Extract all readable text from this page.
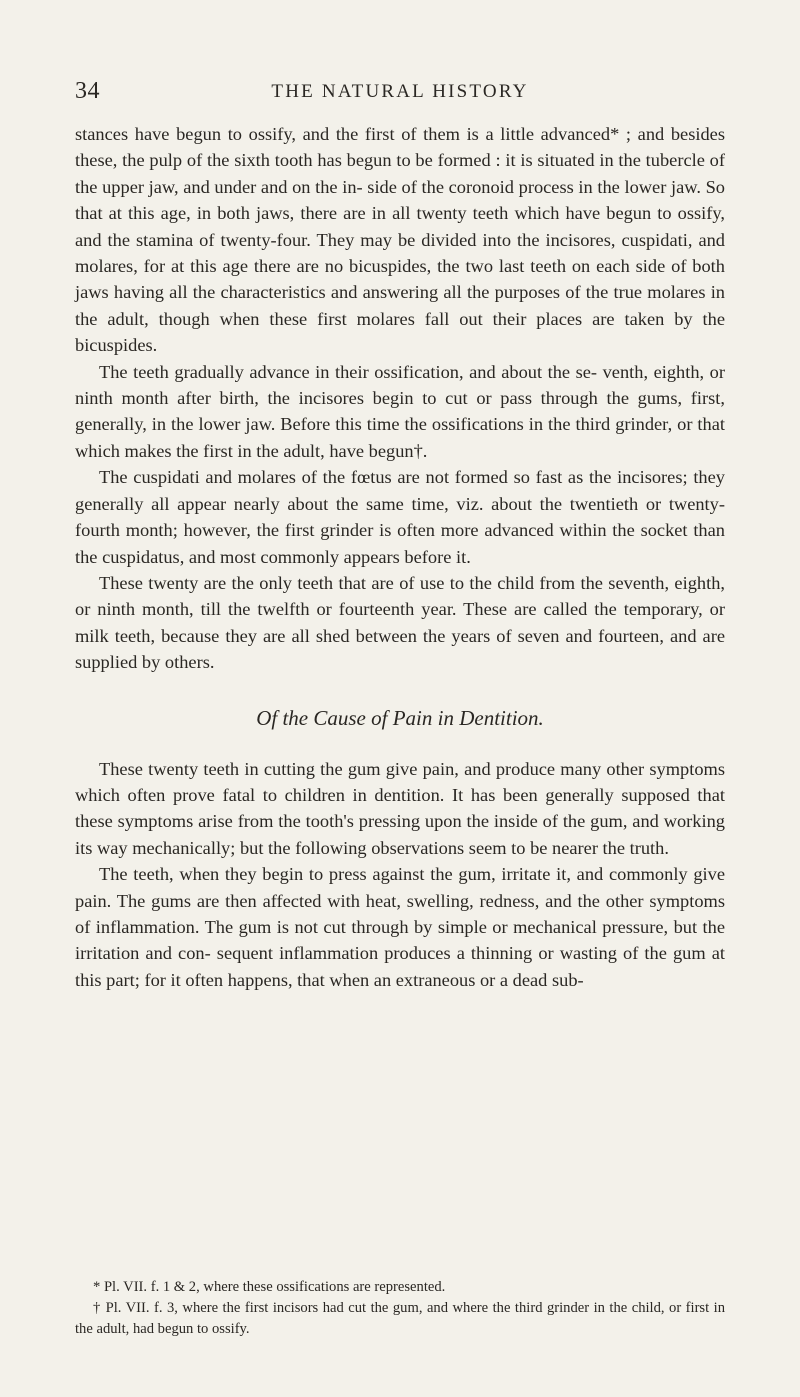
34	THE NATURAL HISTORY

stances have begun to ossify, and the first of them is a little advanced* ; and besides these, the pulp of the sixth tooth has begun to be formed : it is situated in the tubercle of the upper jaw, and under and on the in- side of the coronoid process in the lower jaw. So that at this age, in both jaws, there are in all twenty teeth which have begun to ossify, and the stamina of twenty-four. They may be divided into the incisores, cuspidati, and molares, for at this age there are no bicuspides, the two last teeth on each side of both jaws having all the characteristics and answering all the purposes of the true molares in the adult, though when these first molares fall out their places are taken by the bicuspides.

The teeth gradually advance in their ossification, and about the se- venth, eighth, or ninth month after birth, the incisores begin to cut or pass through the gums, first, generally, in the lower jaw. Before this time the ossifications in the third grinder, or that which makes the first in the adult, have begun†.

The cuspidati and molares of the fœtus are not formed so fast as the incisores; they generally all appear nearly about the same time, viz. about the twentieth or twenty-fourth month; however, the first grinder is often more advanced within the socket than the cuspidatus, and most commonly appears before it.

These twenty are the only teeth that are of use to the child from the seventh, eighth, or ninth month, till the twelfth or fourteenth year. These are called the temporary, or milk teeth, because they are all shed between the years of seven and fourteen, and are supplied by others.

Of the Cause of Pain in Dentition.

These twenty teeth in cutting the gum give pain, and produce many other symptoms which often prove fatal to children in dentition. It has been generally supposed that these symptoms arise from the tooth's pressing upon the inside of the gum, and working its way mechanically; but the following observations seem to be nearer the truth.

The teeth, when they begin to press against the gum, irritate it, and commonly give pain. The gums are then affected with heat, swelling, redness, and the other symptoms of inflammation. The gum is not cut through by simple or mechanical pressure, but the irritation and con- sequent inflammation produces a thinning or wasting of the gum at this part; for it often happens, that when an extraneous or a dead sub-

* Pl. VII. f. 1 & 2, where these ossifications are represented.

† Pl. VII. f. 3, where the first incisors had cut the gum, and where the third grinder in the child, or first in the adult, had begun to ossify.
